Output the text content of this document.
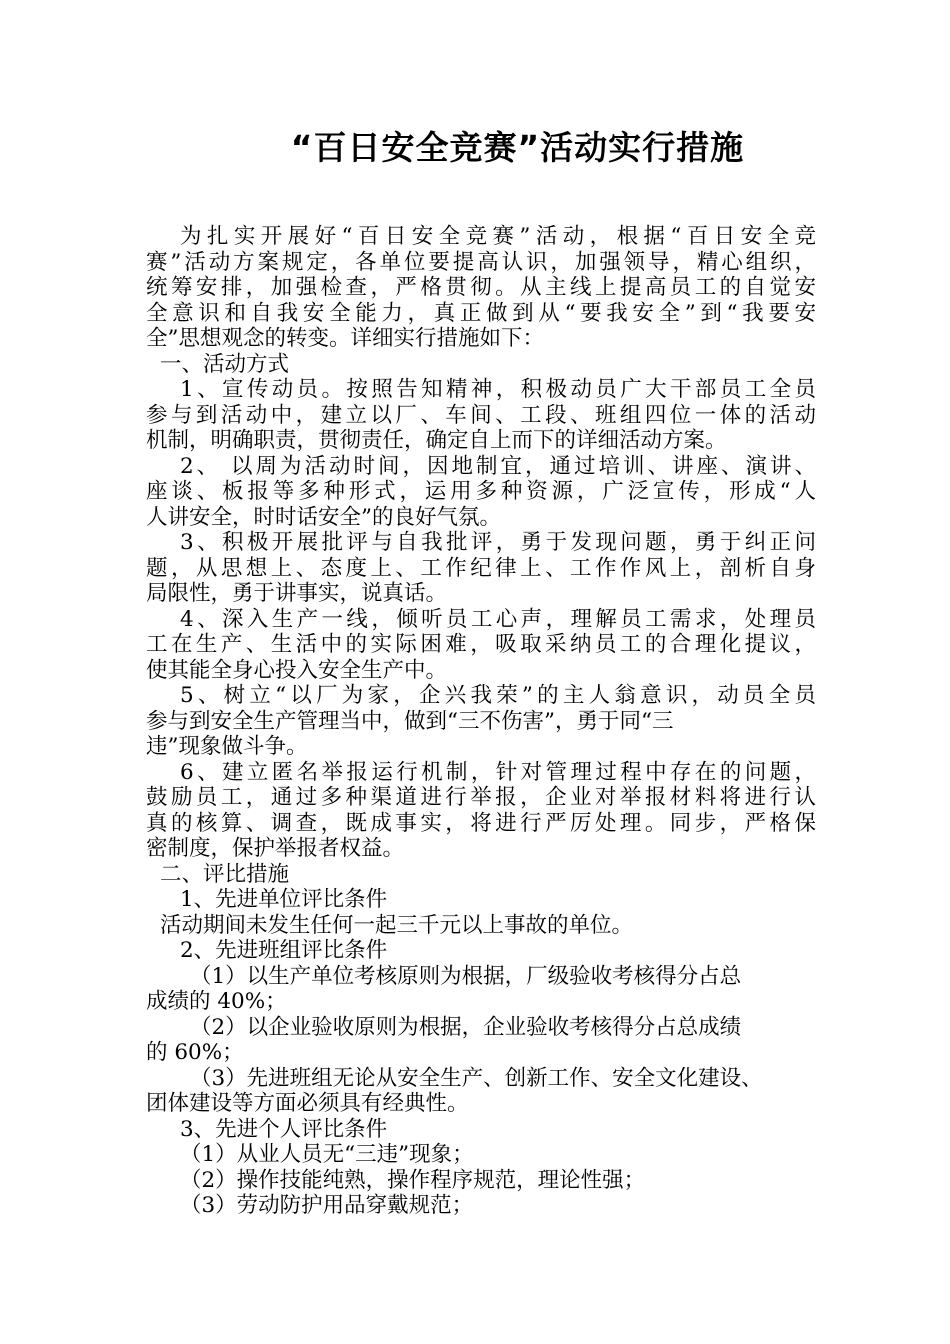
“百日安全竞赛”活动实行措施
为扎实开展好“百日安全竞赛”活动，根据“百日安全竞
赛”活动方案规定，各单位要提高认识，加强领导，精心组织，
统筹安排，加强检查，严格贯彻。从主线上提高员工的自觉安
全意识和自我安全能力，真正做到从“要我安全”到“我要安
全”思想观念的转变。详细实行措施如下：
一、活动方式
1、宣传动员。按照告知精神，积极动员广大干部员工全员
参与到活动中，建立以厂、车间、工段、班组四位一体的活动
机制，明确职责，贯彻责任，确定自上而下的详细活动方案。
2、 以周为活动时间，因地制宜，通过培训、讲座、演讲、
座谈、板报等多种形式，运用多种资源，广泛宣传，形成“人
人讲安全，时时话安全”的良好气氛。
3、积极开展批评与自我批评，勇于发现问题，勇于纠正问
题，从思想上、态度上、工作纪律上、工作作风上，剖析自身
局限性，勇于讲事实，说真话。
4、深入生产一线，倾听员工心声，理解员工需求，处理员
工在生产、生活中的实际困难，吸取采纳员工的合理化提议，
使其能全身心投入安全生产中。
5、树立“以厂为家，企兴我荣”的主人翁意识，动员全员
参与到安全生产管理当中，做到“三不伤害”，勇于同“三
违”现象做斗争。
6、建立匿名举报运行机制，针对管理过程中存在的问题，
鼓励员工，通过多种渠道进行举报，企业对举报材料将进行认
真的核算、调查，既成事实，将进行严厉处理。同步，严格保
密制度，保护举报者权益。
二、评比措施
1、先进单位评比条件
活动期间未发生任何一起三千元以上事故的单位。
2、先进班组评比条件
（1）以生产单位考核原则为根据，厂级验收考核得分占总
成绩的 40%；
（2）以企业验收原则为根据，企业验收考核得分占总成绩
的 60%；
（3）先进班组无论从安全生产、创新工作、安全文化建设、
团体建设等方面必须具有经典性。
3、先进个人评比条件
（1）从业人员无“三违”现象；
（2）操作技能纯熟，操作程序规范，理论性强；
（3）劳动防护用品穿戴规范；
